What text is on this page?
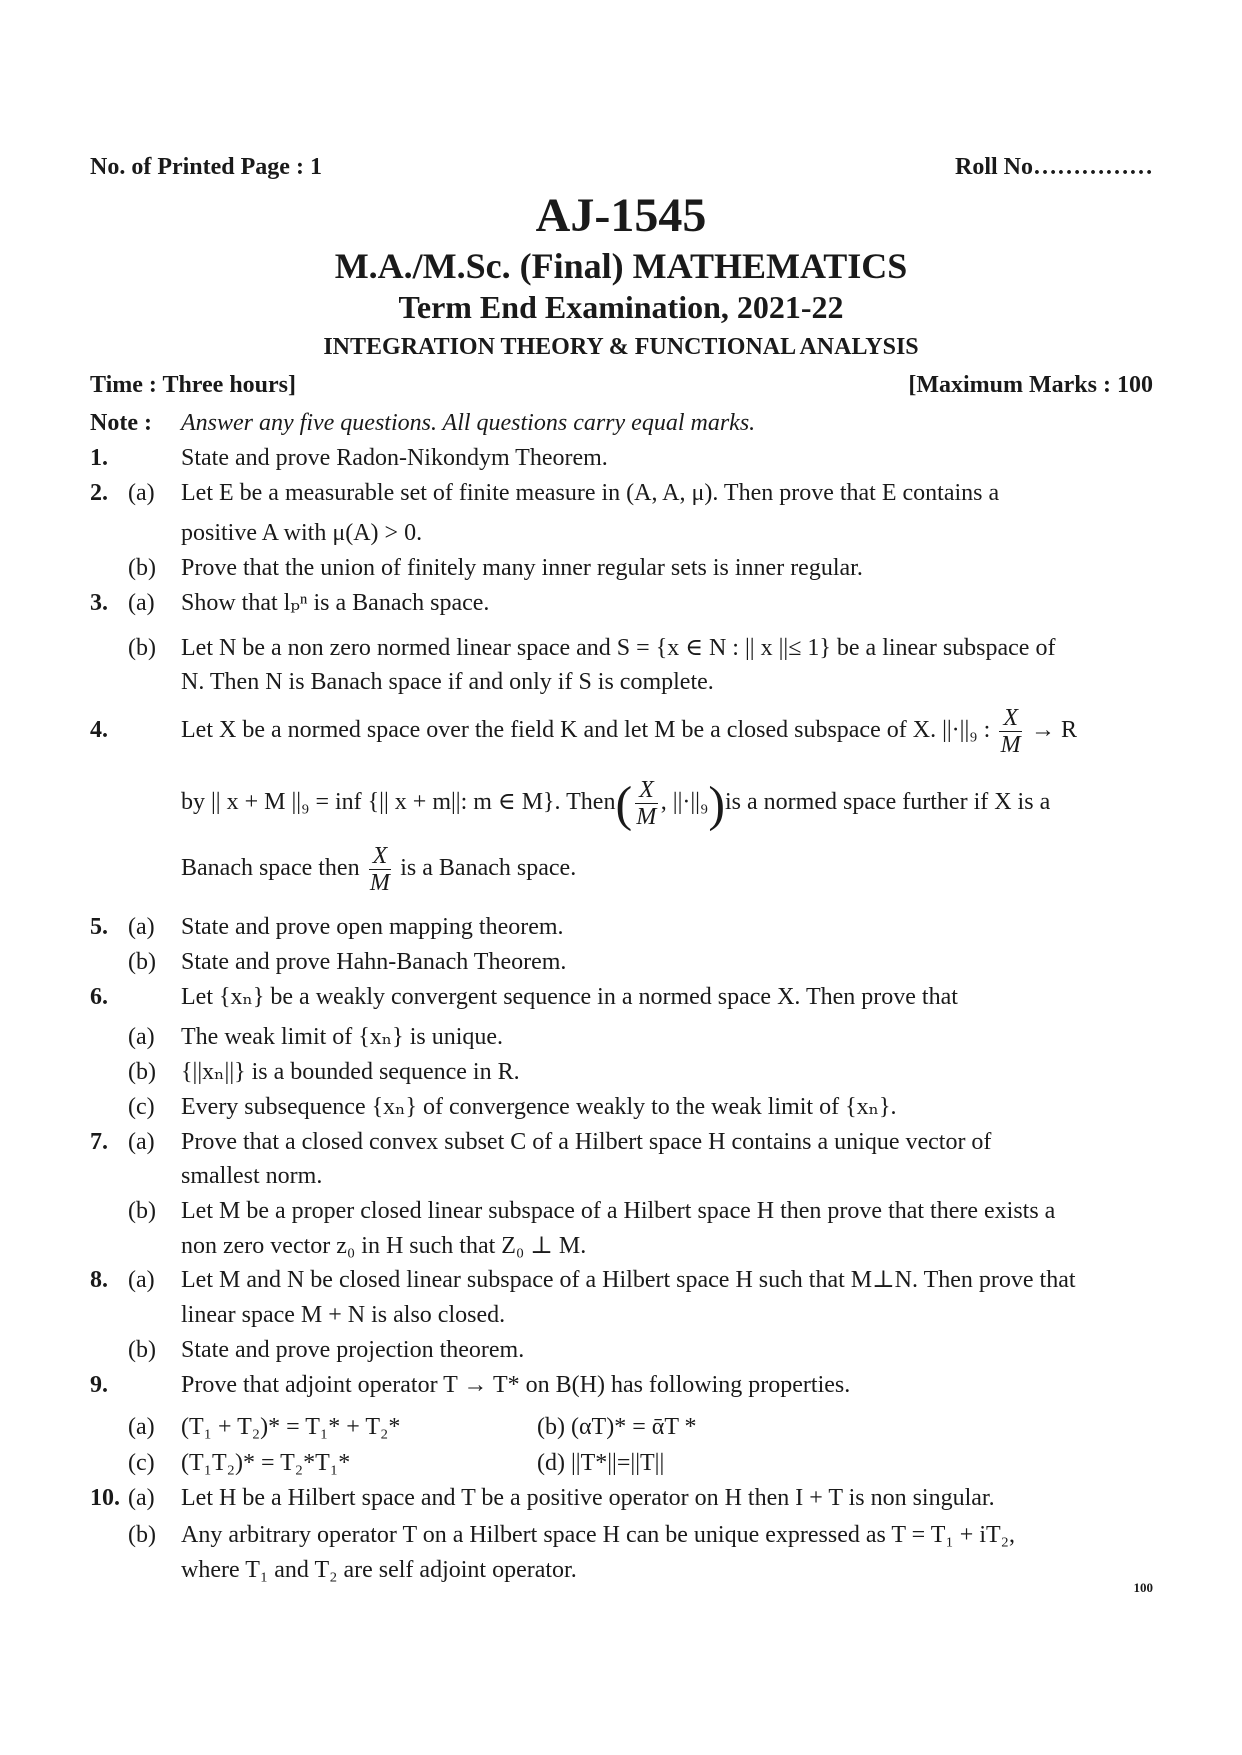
No. of Printed Page : 1	Roll No……………
AJ-1545
M.A./M.Sc. (Final) MATHEMATICS
Term End Examination, 2021-22
INTEGRATION THEORY & FUNCTIONAL ANALYSIS
Time : Three hours]	[Maximum Marks : 100
Note : Answer any five questions. All questions carry equal marks.
1.	State and prove Radon-Nikondym Theorem.
2. (a) Let E be a measurable set of finite measure in (A, A, μ). Then prove that E contains a
positive A with μ(A) > 0.
(b) Prove that the union of finitely many inner regular sets is inner regular.
3. (a) Show that lₚⁿ is a Banach space.
(b) Let N be a non zero normed linear space and S = {x ∈ N : || x ||≤ 1} be a linear subspace of
N. Then N is Banach space if and only if S is complete.
4.	Let X be a normed space over the field K and let M be a closed subspace of X. ||·||₉ : $\frac{X}{M} \to R$
by || x + M ||₉ = inf {|| x + m||: m ∈ M}. Then( $\frac{X}{M}$ , ||·||₉)is a normed space further if X is a
Banach space then $\frac{X}{M}$ is a Banach space.
5. (a) State and prove open mapping theorem.
(b) State and prove Hahn-Banach Theorem.
6.	Let {xₙ} be a weakly convergent sequence in a normed space X. Then prove that
(a) The weak limit of {xₙ} is unique.
(b) {||xₙ||} is a bounded sequence in R.
(c) Every subsequence {xₙ} of convergence weakly to the weak limit of {xₙ}.
7. (a) Prove that a closed convex subset C of a Hilbert space H contains a unique vector of
smallest norm.
(b) Let M be a proper closed linear subspace of a Hilbert space H then prove that there exists a
non zero vector z₀ in H such that Z₀ ⊥ M.
8. (a) Let M and N be closed linear subspace of a Hilbert space H such that M⊥N. Then prove that
linear space M + N is also closed.
(b) State and prove projection theorem.
9.	Prove that adjoint operator T → T* on B(H) has following properties.
(a) (T₁ + T₂)* = T₁* + T₂*	(b) (αT)* = ᾱT *
(c) (T₁T₂)* = T₂*T₁*	(d) ||T*||=||T||
10. (a) Let H be a Hilbert space and T be a positive operator on H then I + T is non singular.
(b) Any arbitrary operator T on a Hilbert space H can be unique expressed as T = T₁ + iT₂,
where T₁ and T₂ are self adjoint operator.
100
